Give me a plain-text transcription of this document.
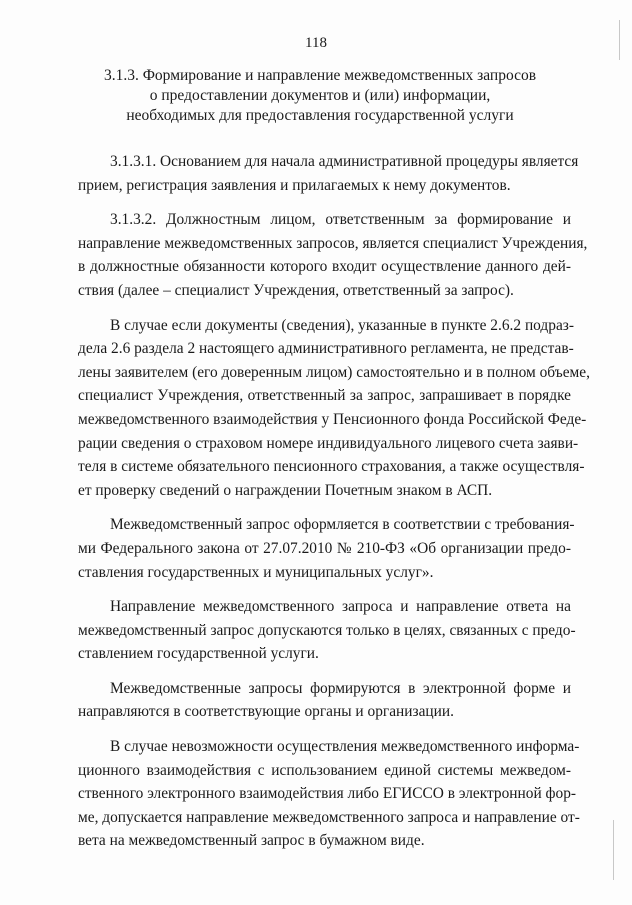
118
3.1.3. Формирование и направление межведомственных запросов
о предоставлении документов и (или) информации,
необходимых для предоставления государственной услуги
3.1.3.1. Основанием для начала административной процедуры является
прием, регистрация заявления и прилагаемых к нему документов.
3.1.3.2. Должностным лицом, ответственным за формирование и
направление межведомственных запросов, является специалист Учреждения,
в должностные обязанности которого входит осуществление данного дей-
ствия (далее – специалист Учреждения, ответственный за запрос).
В случае если документы (сведения), указанные в пункте 2.6.2 подраз-
дела 2.6 раздела 2 настоящего административного регламента, не представ-
лены заявителем (его доверенным лицом) самостоятельно и в полном объеме,
специалист Учреждения, ответственный за запрос, запрашивает в порядке
межведомственного взаимодействия у Пенсионного фонда Российской Феде-
рации сведения о страховом номере индивидуального лицевого счета заяви-
теля в системе обязательного пенсионного страхования, а также осуществля-
ет проверку сведений о награждении Почетным знаком в АСП.
Межведомственный запрос оформляется в соответствии с требования-
ми Федерального закона от 27.07.2010 № 210-ФЗ «Об организации предо-
ставления государственных и муниципальных услуг».
Направление межведомственного запроса и направление ответа на
межведомственный запрос допускаются только в целях, связанных с предо-
ставлением государственной услуги.
Межведомственные запросы формируются в электронной форме и
направляются в соответствующие органы и организации.
В случае невозможности осуществления межведомственного информа-
ционного взаимодействия с использованием единой системы межведом-
ственного электронного взаимодействия либо ЕГИССО в электронной фор-
ме, допускается направление межведомственного запроса и направление от-
вета на межведомственный запрос в бумажном виде.
